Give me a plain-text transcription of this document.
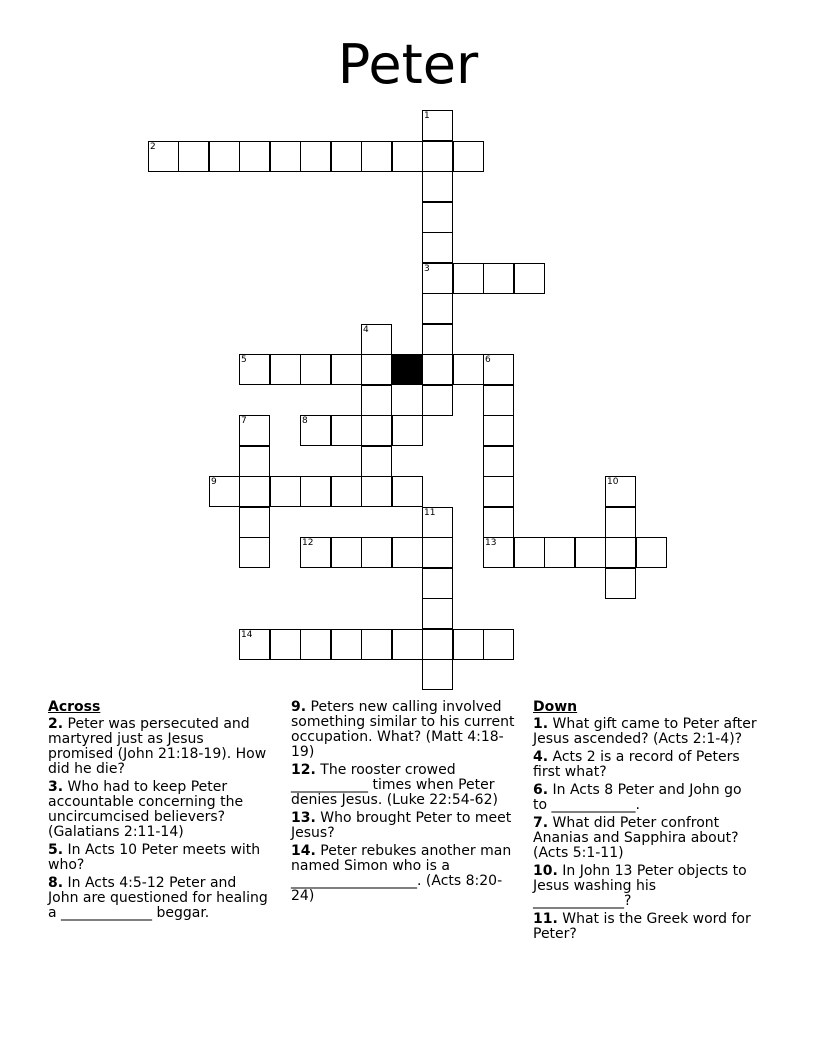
Peter
2
3
5	6
8
9
12	13
14
1
4
7
10
11
Across
2. Peter was persecuted and martyred just as Jesus promised (John 21:18-19). How did he die?
3. Who had to keep Peter accountable concerning the uncircumcised believers? (Galatians 2:11-14)
5. In Acts 10 Peter meets with who?
8. In Acts 4:5-12 Peter and John are questioned for healing a _____________ beggar.
9. Peters new calling involved something similar to his current occupation. What? (Matt 4:18-19)
12. The rooster crowed ___________ times when Peter denies Jesus. (Luke 22:54-62)
13. Who brought Peter to meet Jesus?
14. Peter rebukes another man named Simon who is a __________________. (Acts 8:20-24)
Down
1. What gift came to Peter after Jesus ascended? (Acts 2:1-4)?
4. Acts 2 is a record of Peters first what?
6. In Acts 8 Peter and John go to ____________.
7. What did Peter confront Ananias and Sapphira about? (Acts 5:1-11)
10. In John 13 Peter objects to Jesus washing his _____________?
11. What is the Greek word for Peter?
